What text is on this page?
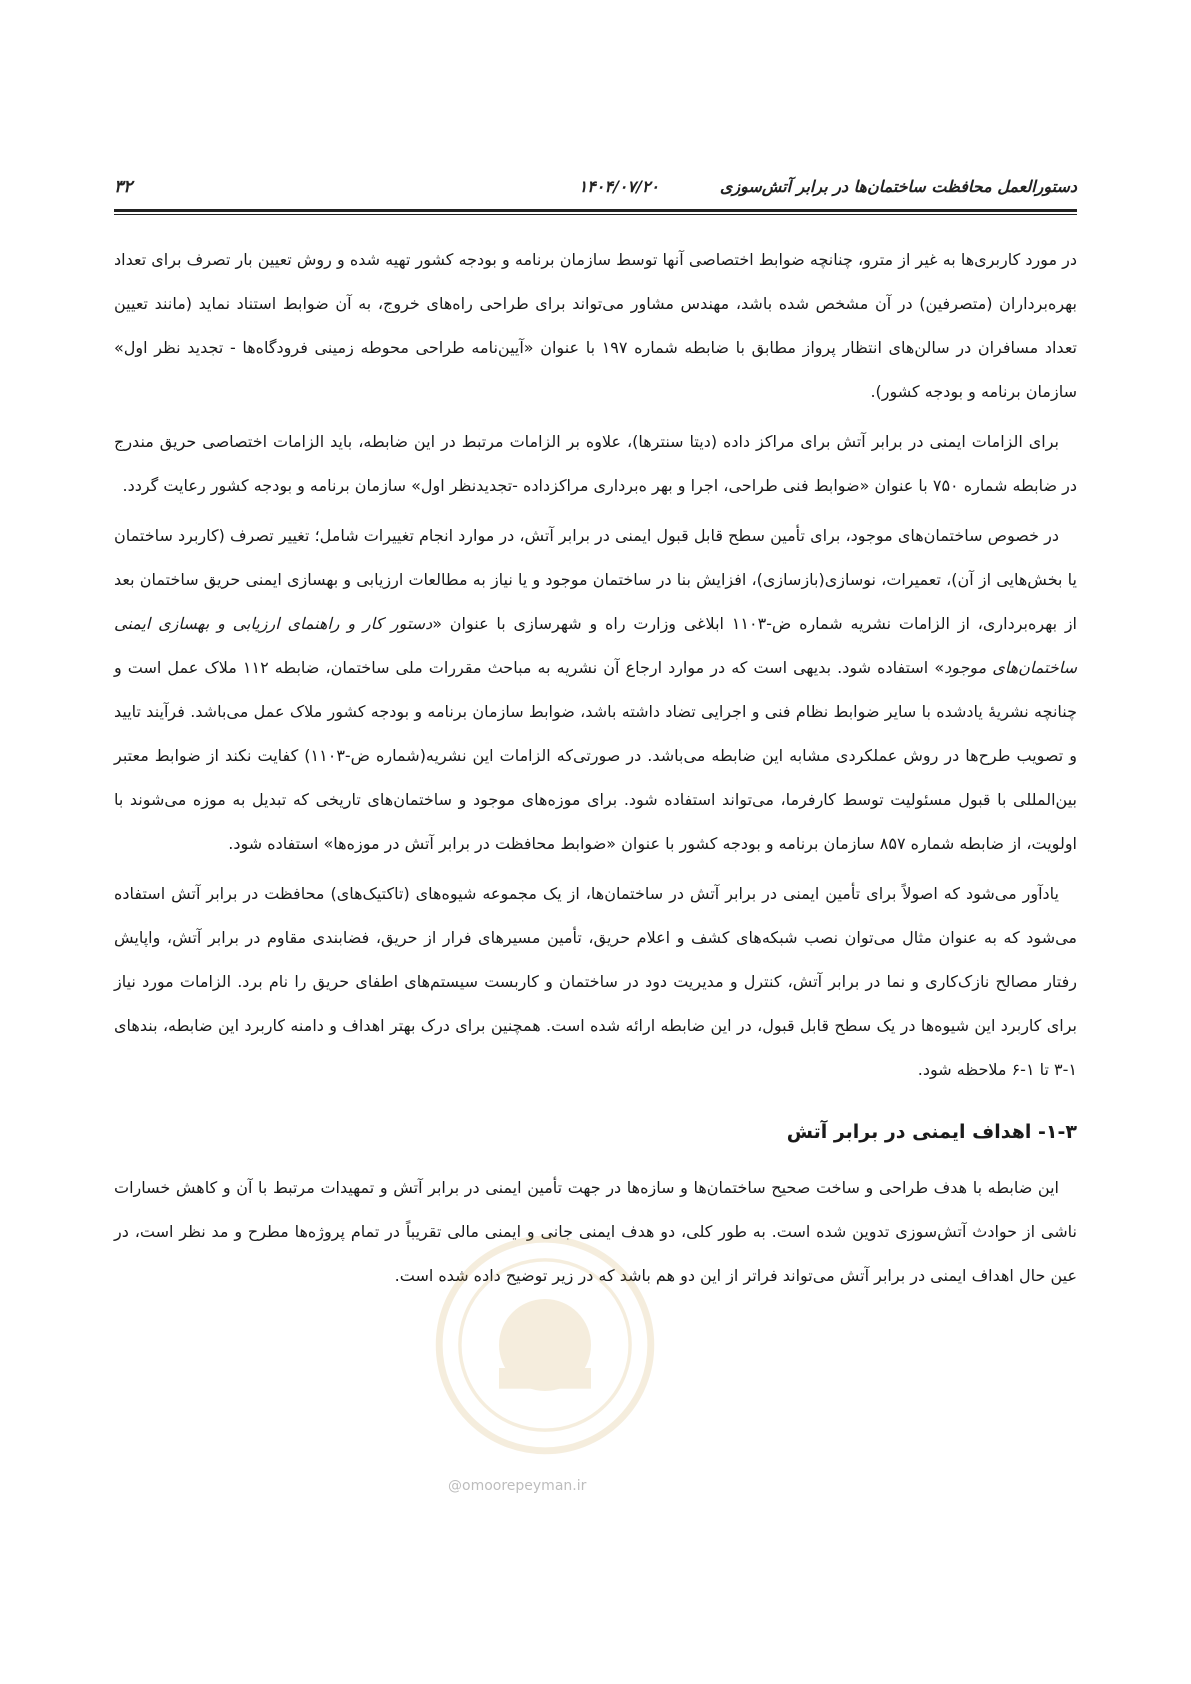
دستورالعمل محافظت ساختمان‌ها در برابر آتش‌سوزی
۱۴۰۴/۰۷/۲۰
۳۲

در مورد کاربری‌ها به غیر از مترو، چنانچه ضوابط اختصاصی آنها توسط سازمان برنامه و بودجه کشور تهیه شده و روش تعیین بار تصرف برای تعداد بهره‌برداران (متصرفین) در آن مشخص شده باشد، مهندس مشاور می‌تواند برای طراحی راه‌های خروج، به آن ضوابط استناد نماید (مانند تعیین تعداد مسافران در سالن‌های انتظار پرواز مطابق با ضابطه شماره ۱۹۷ با عنوان «آیین‌نامه طراحی محوطه زمینی فرودگاه‌ها - تجدید نظر اول» سازمان برنامه و بودجه کشور).

برای الزامات ایمنی در برابر آتش برای مراکز داده (دیتا سنترها)، علاوه بر الزامات مرتبط در این ضابطه، باید الزامات اختصاصی حریق مندرج در ضابطه شماره ۷۵۰ با عنوان «ضوابط فنی طراحی، اجرا و بهر ه‌برداری مراکزداده -تجدیدنظر اول» سازمان برنامه و بودجه کشور رعایت گردد.

در خصوص ساختمان‌های موجود، برای تأمین سطح قابل قبول ایمنی در برابر آتش، در موارد انجام تغییرات شامل؛ تغییر تصرف (کاربرد ساختمان یا بخش‌هایی از آن)، تعمیرات، نوسازی(بازسازی)، افزایش بنا در ساختمان موجود و یا نیاز به مطالعات ارزیابی و بهسازی ایمنی حریق ساختمان بعد از بهره‌برداری، از الزامات نشریه شماره ض-۱۱۰۳ ابلاغی وزارت راه و شهرسازی با عنوان «دستور کار و راهنمای ارزیابی و بهسازی ایمنی ساختمان‌های موجود» استفاده شود. بدیهی است که در موارد ارجاع آن نشریه به مباحث مقررات ملی ساختمان، ضابطه ۱۱۲ ملاک عمل است و چنانچه نشریهٔ یادشده با سایر ضوابط نظام فنی و اجرایی تضاد داشته باشد، ضوابط سازمان برنامه و بودجه کشور ملاک عمل می‌باشد. فرآیند تایید و تصویب طرح‌ها در روش عملکردی مشابه این ضابطه می‌باشد. در صورتی‌که الزامات این نشریه(شماره ض-۱۱۰۳) کفایت نکند از ضوابط معتبر بین‌المللی با قبول مسئولیت توسط کارفرما، می‌تواند استفاده شود. برای موزه‌های موجود و ساختمان‌های تاریخی که تبدیل به موزه می‌شوند با اولویت، از ضابطه شماره ۸۵۷ سازمان برنامه و بودجه کشور با عنوان «ضوابط محافظت در برابر آتش در موزه‌ها» استفاده شود.

یادآور می‌شود که اصولاً برای تأمین ایمنی در برابر آتش در ساختمان‌ها، از یک مجموعه شیوه‌های (تاکتیک‌های) محافظت در برابر آتش استفاده می‌شود که به عنوان مثال می‌توان نصب شبکه‌های کشف و اعلام حریق، تأمین مسیرهای فرار از حریق، فضابندی مقاوم در برابر آتش، واپایش رفتار مصالح نازک‌کاری و نما در برابر آتش، کنترل و مدیریت دود در ساختمان و کاربست سیستم‌های اطفای حریق را نام برد. الزامات مورد نیاز برای کاربرد این شیوه‌ها در یک سطح قابل قبول، در این ضابطه ارائه شده است. همچنین برای درک بهتر اهداف و دامنه کاربرد این ضابطه، بندهای ۱-۳ تا ۱-۶ ملاحظه شود.

۱-۳- اهداف ایمنی در برابر آتش

این ضابطه با هدف طراحی و ساخت صحیح ساختمان‌ها و سازه‌ها در جهت تأمین ایمنی در برابر آتش و تمهیدات مرتبط با آن و کاهش خسارات ناشی از حوادث آتش‌سوزی تدوین شده است. به طور کلی، دو هدف ایمنی جانی و ایمنی مالی تقریباً در تمام پروژه‌ها مطرح و مد نظر است، در عین حال اهداف ایمنی در برابر آتش می‌تواند فراتر از این دو هم باشد که در زیر توضیح داده شده است.

@omoorepeyman.ir
